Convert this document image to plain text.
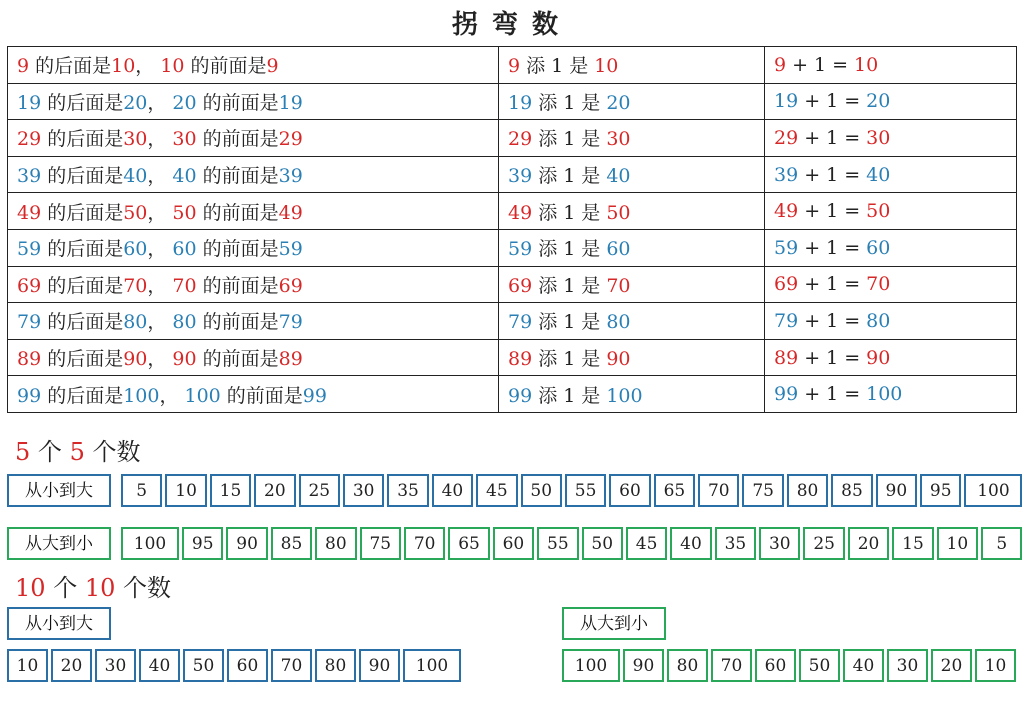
拐弯数
9 的后面是10， 10 的前面是9	9 添 1 是 10	9 + 1 = 10
19 的后面是20， 20 的前面是19	19 添 1 是 20	19 + 1 = 20
29 的后面是30， 30 的前面是29	29 添 1 是 30	29 + 1 = 30
39 的后面是40， 40 的前面是39	39 添 1 是 40	39 + 1 = 40
49 的后面是50， 50 的前面是49	49 添 1 是 50	49 + 1 = 50
59 的后面是60， 60 的前面是59	59 添 1 是 60	59 + 1 = 60
69 的后面是70， 70 的前面是69	69 添 1 是 70	69 + 1 = 70
79 的后面是80， 80 的前面是79	79 添 1 是 80	79 + 1 = 80
89 的后面是90， 90 的前面是89	89 添 1 是 90	89 + 1 = 90
99 的后面是100， 100 的前面是99	99 添 1 是 100	99 + 1 = 100
5 个 5 个数
从小到大	5	10	15	20	25	30	35	40	45	50	55	60	65	70	75	80	85	90	95	100
从大到小	100	95	90	85	80	75	70	65	60	55	50	45	40	35	30	25	20	15	10	5
10 个 10 个数
从小到大	从大到小
10	20	30	40	50	60	70	80	90	100	100	90	80	70	60	50	40	30	20	10
